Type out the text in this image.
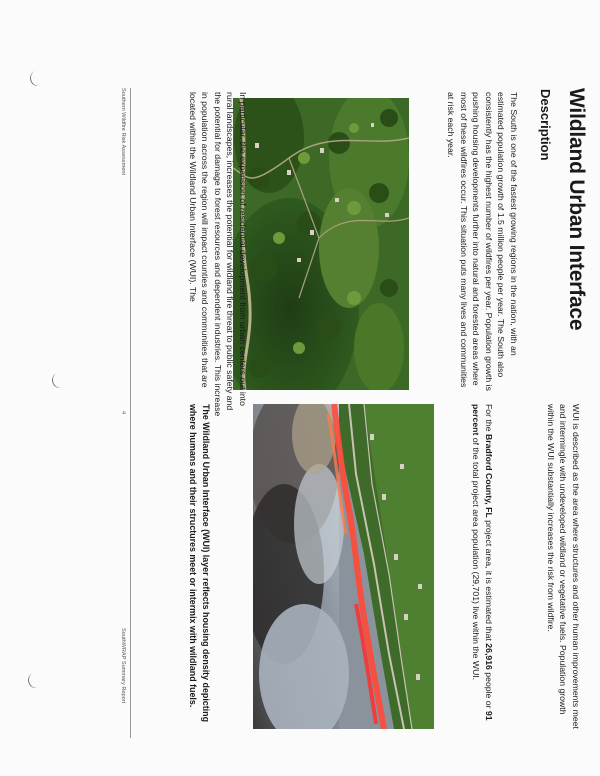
Wildland Urban Interface
Description

The South is one of the fastest growing regions in the nation, with an estimated population growth of 1.5 million people per year. The South also consistently has the highest number of wildfires per year. Population growth is pushing housing developments further into natural and forested areas where most of these wildfires occur. This situation puts many lives and communities at risk each year.

In particular, the expansion of residential development from urban centers out into rural landscapes, increases the potential for wildland fire threat to public safety and the potential for damage to forest resources and dependent industries. This increase in population across the region will impact counties and communities that are located within the Wildland Urban Interface (WUI). The

WUI is described as the area where structures and other human improvements meet and intermingle with undeveloped wildland or vegetative fuels. Population growth within the WUI substantially increases the risk from wildfire.

For the Bradford County, FL project area, it is estimated that 26,916 people or 91 percent of the total project area population (29,701) live within the WUI.

The Wildland Urban Interface (WUI) layer reflects housing density depicting where humans and their structures meet or intermix with wildland fuels.

Southern Wildfire Risk Assessment
4
SouthWRAP Summary Report
